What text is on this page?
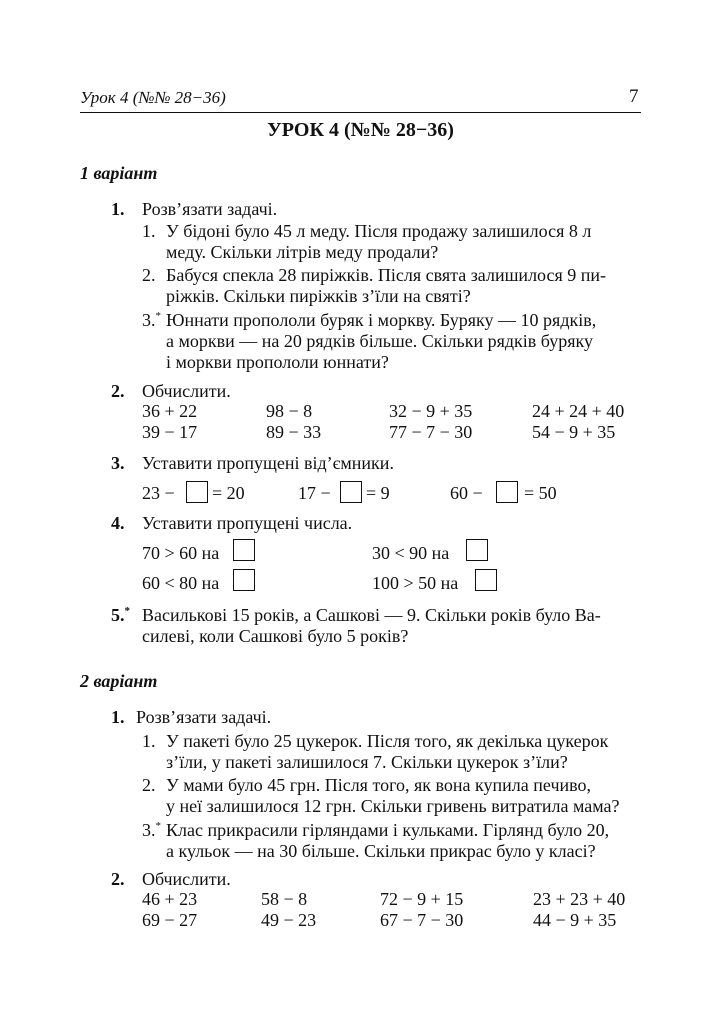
Урок 4 (№№ 28−36)	7
УРОК 4 (№№ 28−36)
1 варіант
1. Розв’язати задачі.
1. У бідоні було 45 л меду. Після продажу залишилося 8 л
меду. Скільки літрів меду продали?
2. Бабуся спекла 28 пиріжків. Після свята залишилося 9 пи-
ріжків. Скільки пиріжків з’їли на святі?
3.* Юннати пропололи буряк і моркву. Буряку — 10 рядків,
а моркви — на 20 рядків більше. Скільки рядків буряку
і моркви пропололи юннати?
2. Обчислити.
36 + 22	98 − 8	32 − 9 + 35	24 + 24 + 40
39 − 17	89 − 33	77 − 7 − 30	54 − 9 + 35
3. Уставити пропущені від’ємники.
23 − = 20	17 − = 9	60 − = 50
4. Уставити пропущені числа.
70 > 60 на	30 < 90 на
60 < 80 на	100 > 50 на
5.* Васильковi 15 років, а Сашкові — 9. Скільки років було Ва-
силеві, коли Сашкові було 5 років?
2 варіант
1. Розв’язати задачі.
1. У пакеті було 25 цукерок. Після того, як декілька цукерок
з’їли, у пакеті залишилося 7. Скільки цукерок з’їли?
2. У мами було 45 грн. Після того, як вона купила печиво,
у неї залишилося 12 грн. Скільки гривень витратила мама?
3.* Клас прикрасили гірляндами і кульками. Гірлянд було 20,
а кульок — на 30 більше. Скільки прикрас було у класі?
2. Обчислити.
46 + 23	58 − 8	72 − 9 + 15	23 + 23 + 40
69 − 27	49 − 23	67 − 7 − 30	44 − 9 + 35
